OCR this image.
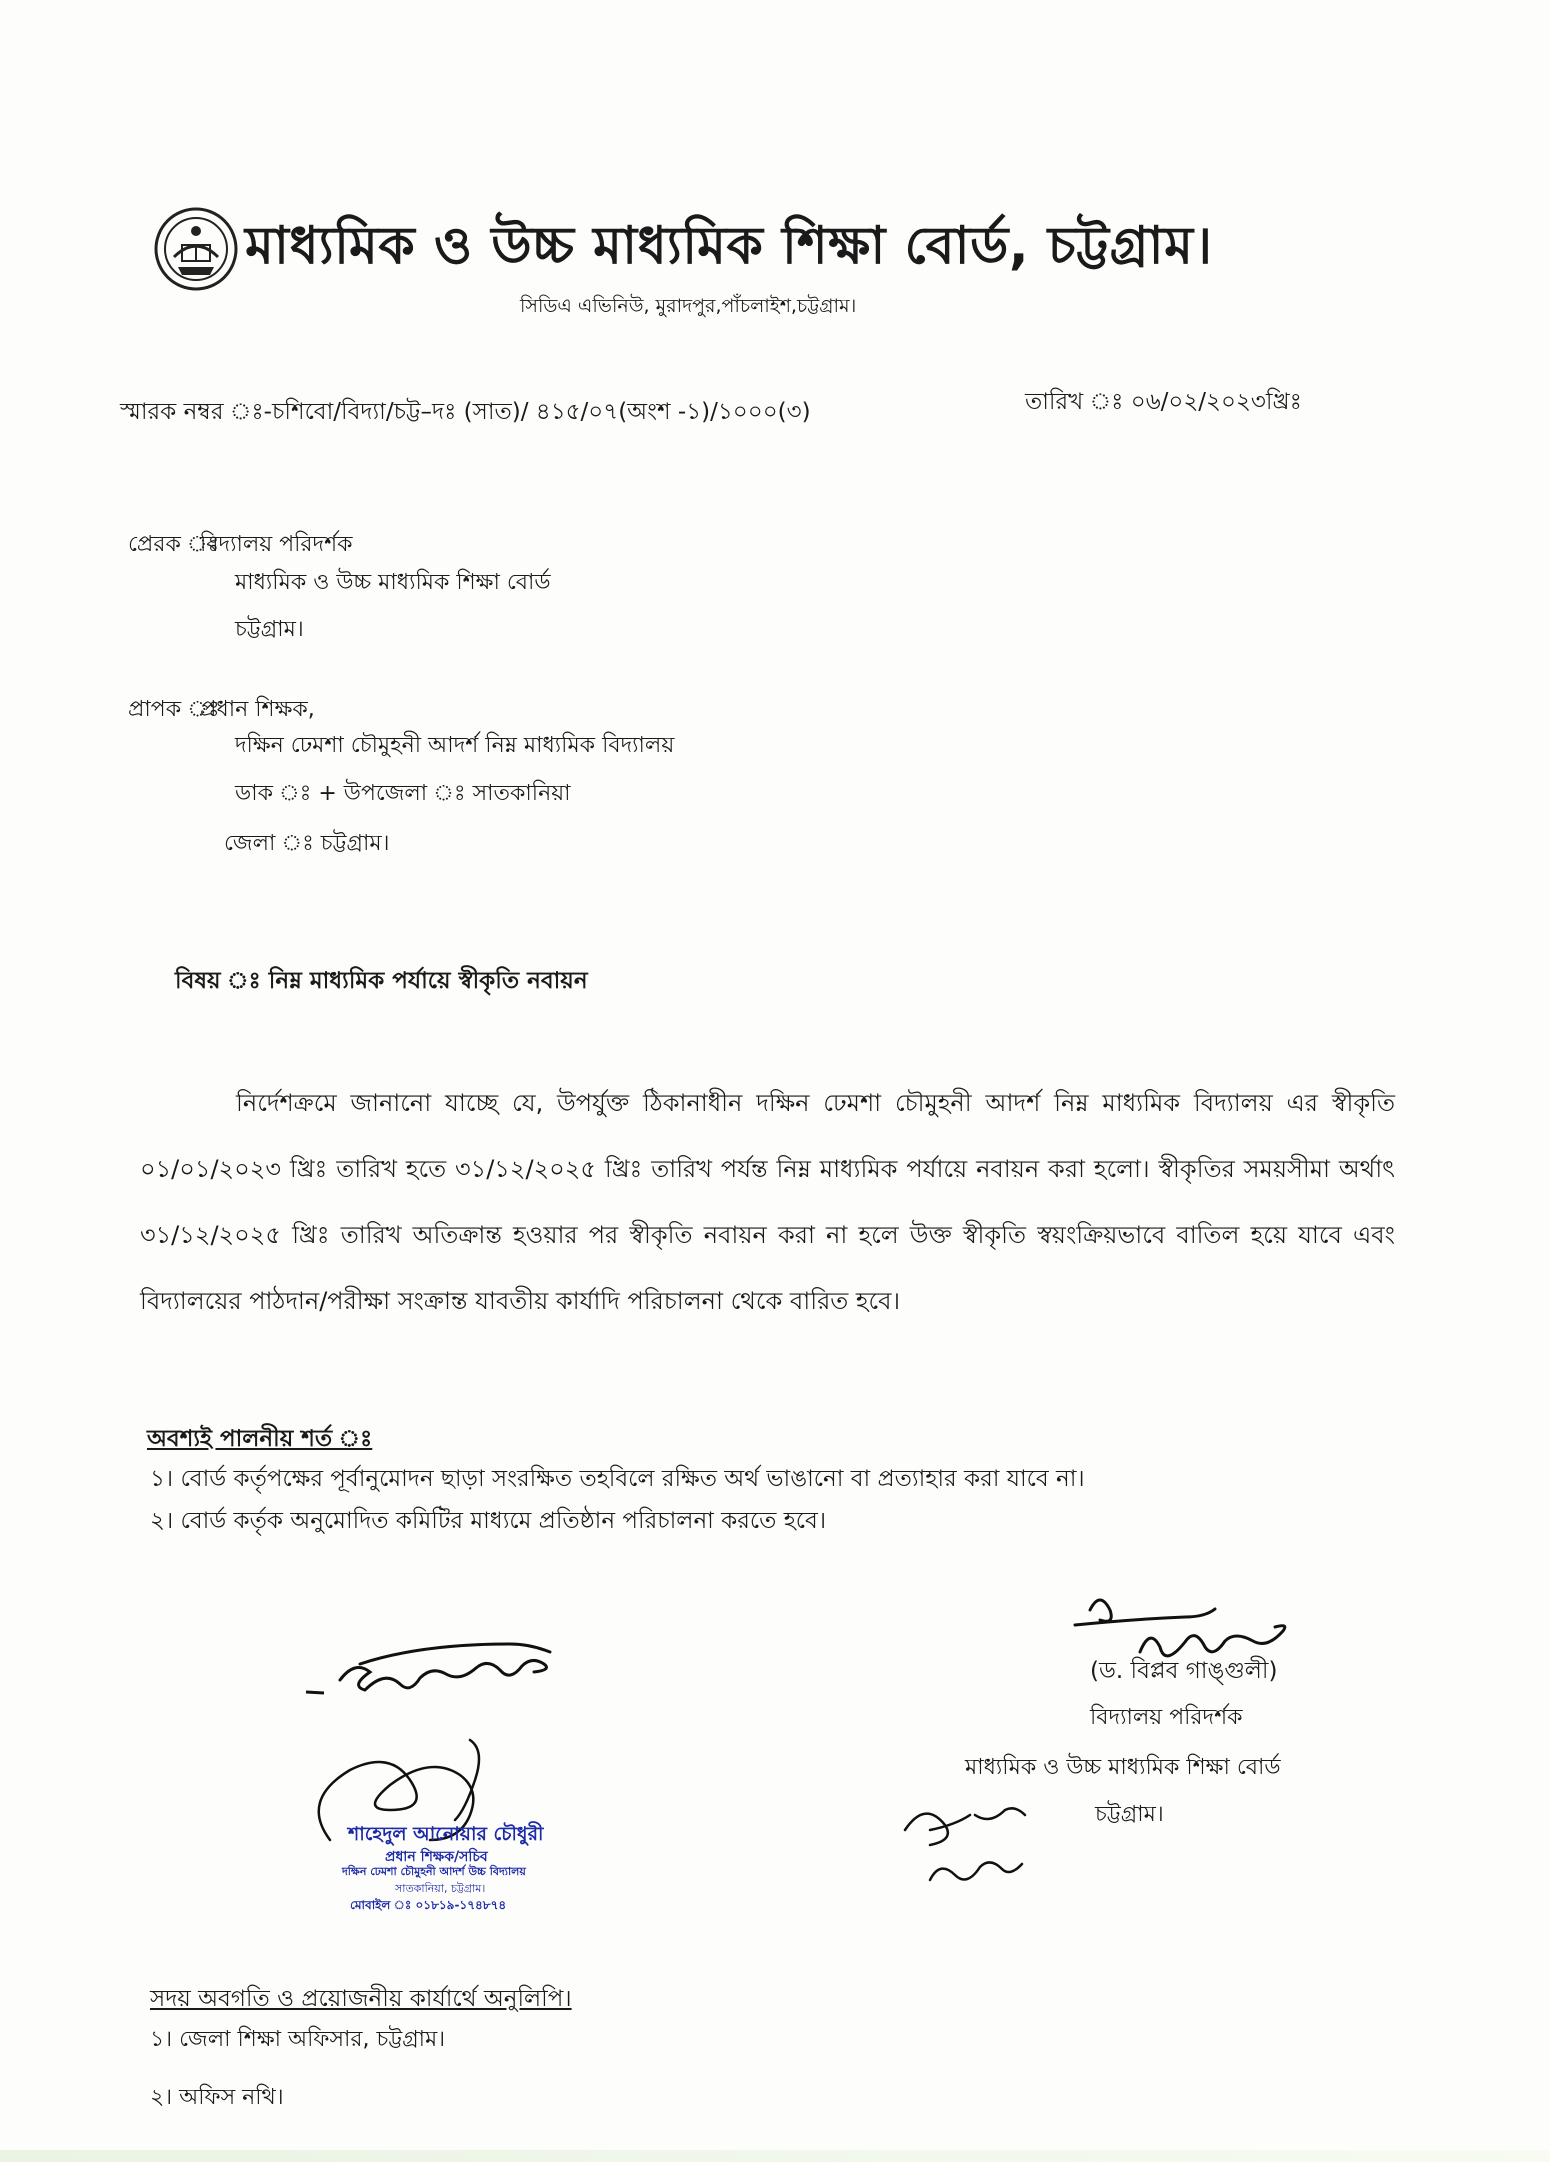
মাধ্যমিক ও উচ্চ মাধ্যমিক শিক্ষা বোর্ড, চট্টগ্রাম।
সিডিএ এভিনিউ, মুরাদপুর,পাঁচলাইশ,চট্টগ্রাম।
স্মারক নম্বর ঃ-চশিবো/বিদ্যা/চট্ট–দঃ (সাত)/ ৪১৫/০৭(অংশ -১)/১০০০(৩)	তারিখ ঃ ০৬/০২/২০২৩খ্রিঃ
প্রেরক ঃ
বিদ্যালয় পরিদর্শক
মাধ্যমিক ও উচ্চ মাধ্যমিক শিক্ষা বোর্ড
চট্টগ্রাম।
প্রাপক ঃ
প্রধান শিক্ষক,
দক্ষিন ঢেমশা চৌমুহনী আদর্শ নিম্ন মাধ্যমিক বিদ্যালয়
ডাক ঃ + উপজেলা ঃ সাতকানিয়া
জেলা ঃ চট্টগ্রাম।
বিষয় ঃ নিম্ন মাধ্যমিক পর্যায়ে স্বীকৃতি নবায়ন
নির্দেশক্রমে জানানো যাচ্ছে যে, উপর্যুক্ত ঠিকানাধীন দক্ষিন ঢেমশা চৌমুহনী আদর্শ নিম্ন মাধ্যমিক বিদ্যালয় এর স্বীকৃতি ০১/০১/২০২৩ খ্রিঃ তারিখ হতে ৩১/১২/২০২৫ খ্রিঃ তারিখ পর্যন্ত নিম্ন মাধ্যমিক পর্যায়ে নবায়ন করা হলো। স্বীকৃতির সময়সীমা অর্থাৎ ৩১/১২/২০২৫ খ্রিঃ তারিখ অতিক্রান্ত হওয়ার পর স্বীকৃতি নবায়ন করা না হলে উক্ত স্বীকৃতি স্বয়ংক্রিয়ভাবে বাতিল হয়ে যাবে এবং বিদ্যালয়ের পাঠদান/পরীক্ষা সংক্রান্ত যাবতীয় কার্যাদি পরিচালনা থেকে বারিত হবে।
অবশ্যই পালনীয় শর্ত ঃ
১। বোর্ড কর্তৃপক্ষের পূর্বানুমোদন ছাড়া সংরক্ষিত তহবিলে রক্ষিত অর্থ ভাঙানো বা প্রত্যাহার করা যাবে না।
২। বোর্ড কর্তৃক অনুমোদিত কমিটির মাধ্যমে প্রতিষ্ঠান পরিচালনা করতে হবে।
(ড. বিপ্লব গাঙ্গুলী)
বিদ্যালয় পরিদর্শক
মাধ্যমিক ও উচ্চ মাধ্যমিক শিক্ষা বোর্ড
চট্টগ্রাম।
শাহেদুল আনোয়ার চৌধুরী
প্রধান শিক্ষক/সচিব
দক্ষিন ঢেমশা চৌমুহনী আদর্শ উচ্চ বিদ্যালয়
সাতকানিয়া, চট্টগ্রাম।
মোবাইল ঃ ০১৮১৯-১৭৪৮৭৪
সদয় অবগতি ও প্রয়োজনীয় কার্যার্থে অনুলিপি।
১। জেলা শিক্ষা অফিসার, চট্টগ্রাম।
২। অফিস নথি।
